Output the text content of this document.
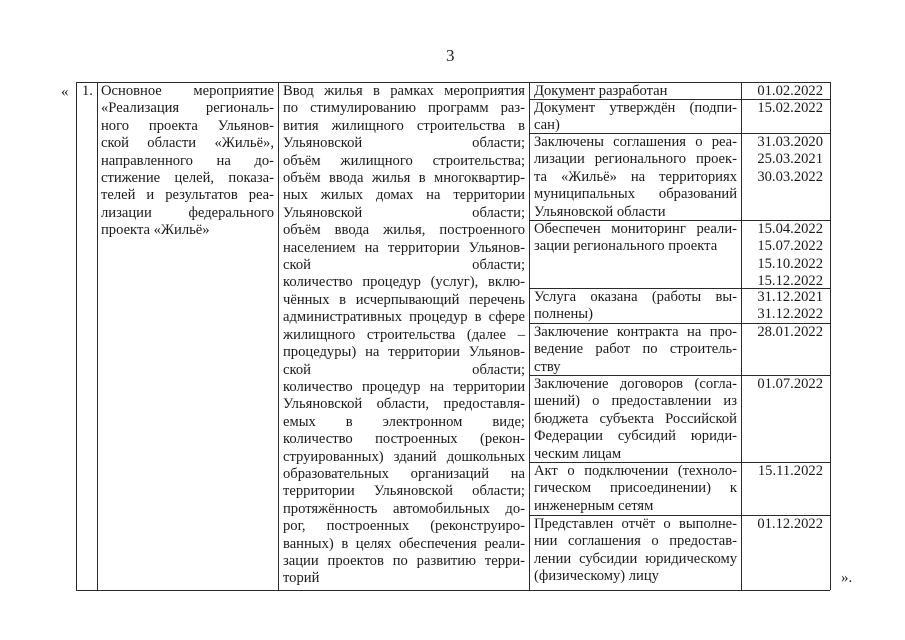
3
«
».
1. Основное мероприятие
«Реализация региональ-
ного проекта Ульянов-
ской области «Жильё»,
направленного на до-
стижение целей, показа-
телей и результатов реа-
лизации федерального
проекта «Жильё»
Ввод жилья в рамках мероприятия
по стимулированию программ раз-
вития жилищного строительства в
Ульяновской области;
объём жилищного строительства;
объём ввода жилья в многоквартир-
ных жилых домах на территории
Ульяновской области;
объём ввода жилья, построенного
населением на территории Ульянов-
ской области;
количество процедур (услуг), вклю-
чённых в исчерпывающий перечень
административных процедур в сфере
жилищного строительства (далее –
процедуры) на территории Ульянов-
ской области;
количество процедур на территории
Ульяновской области, предоставля-
емых в электронном виде;
количество построенных (рекон-
струированных) зданий дошкольных
образовательных организаций на
территории Ульяновской области;
протяжённость автомобильных до-
рог, построенных (реконструиро-
ванных) в целях обеспечения реали-
зации проектов по развитию терри-
торий
Документ разработан	01.02.2022
Документ утверждён (подпи-
сан)
15.02.2022
Заключены соглашения о реа-
лизации регионального проек-
та «Жильё» на территориях
муниципальных образований
Ульяновской области
31.03.2020
25.03.2021
30.03.2022
Обеспечен мониторинг реали-
зации регионального проекта
15.04.2022
15.07.2022
15.10.2022
15.12.2022
Услуга оказана (работы вы-
полнены)
31.12.2021
31.12.2022
Заключение контракта на про-
ведение работ по строитель-
ству
28.01.2022
Заключение договоров (согла-
шений) о предоставлении из
бюджета субъекта Российской
Федерации субсидий юриди-
ческим лицам
01.07.2022
Акт о подключении (техноло-
гическом присоединении) к
инженерным сетям
15.11.2022
Представлен отчёт о выполне-
нии соглашения о предостав-
лении субсидии юридическому
(физическому) лицу
01.12.2022
